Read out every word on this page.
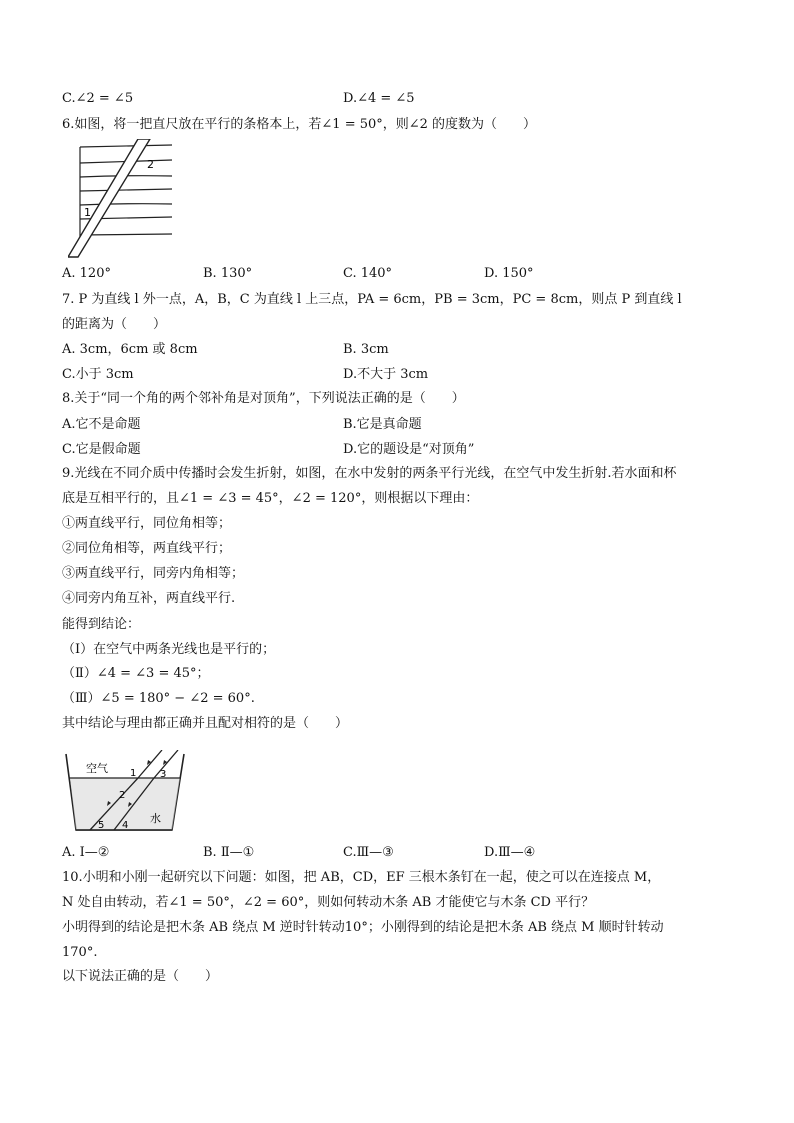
C.∠2 = ∠5	D.∠4 = ∠5
6.如图，将一把直尺放在平行的条格本上，若∠1 = 50°，则∠2 的度数为（　　）
2
1
A. 120°	B. 130°	C. 140°	D. 150°
7. P 为直线 l 外一点，A，B，C 为直线 l 上三点，PA = 6cm，PB = 3cm，PC = 8cm，则点 P 到直线 l
的距离为（　　）
A. 3cm，6cm 或 8cm	B. 3cm
C.小于 3cm	D.不大于 3cm
8.关于“同一个角的两个邻补角是对顶角”，下列说法正确的是（　　）
A.它不是命题	B.它是真命题
C.它是假命题	D.它的题设是“对顶角”
9.光线在不同介质中传播时会发生折射，如图，在水中发射的两条平行光线，在空气中发生折射.若水面和杯
底是互相平行的，且∠1 = ∠3 = 45°，∠2 = 120°，则根据以下理由：
①两直线平行，同位角相等；
②同位角相等，两直线平行；
③两直线平行，同旁内角相等；
④同旁内角互补，两直线平行.
能得到结论：
（Ⅰ）在空气中两条光线也是平行的；
（Ⅱ）∠4 = ∠3 = 45°；
（Ⅲ）∠5 = 180° − ∠2 = 60°.
其中结论与理由都正确并且配对相符的是（　　）
空气
水
1
2
3
4
5
A. Ⅰ—②	B. Ⅱ—①	C.Ⅲ—③	D.Ⅲ—④
10.小明和小刚一起研究以下问题：如图，把 AB，CD，EF 三根木条钉在一起，使之可以在连接点 M，
N 处自由转动，若∠1 = 50°，∠2 = 60°，则如何转动木条 AB 才能使它与木条 CD 平行？
小明得到的结论是把木条 AB 绕点 M 逆时针转动10°；小刚得到的结论是把木条 AB 绕点 M 顺时针转动
170°.
以下说法正确的是（　　）
